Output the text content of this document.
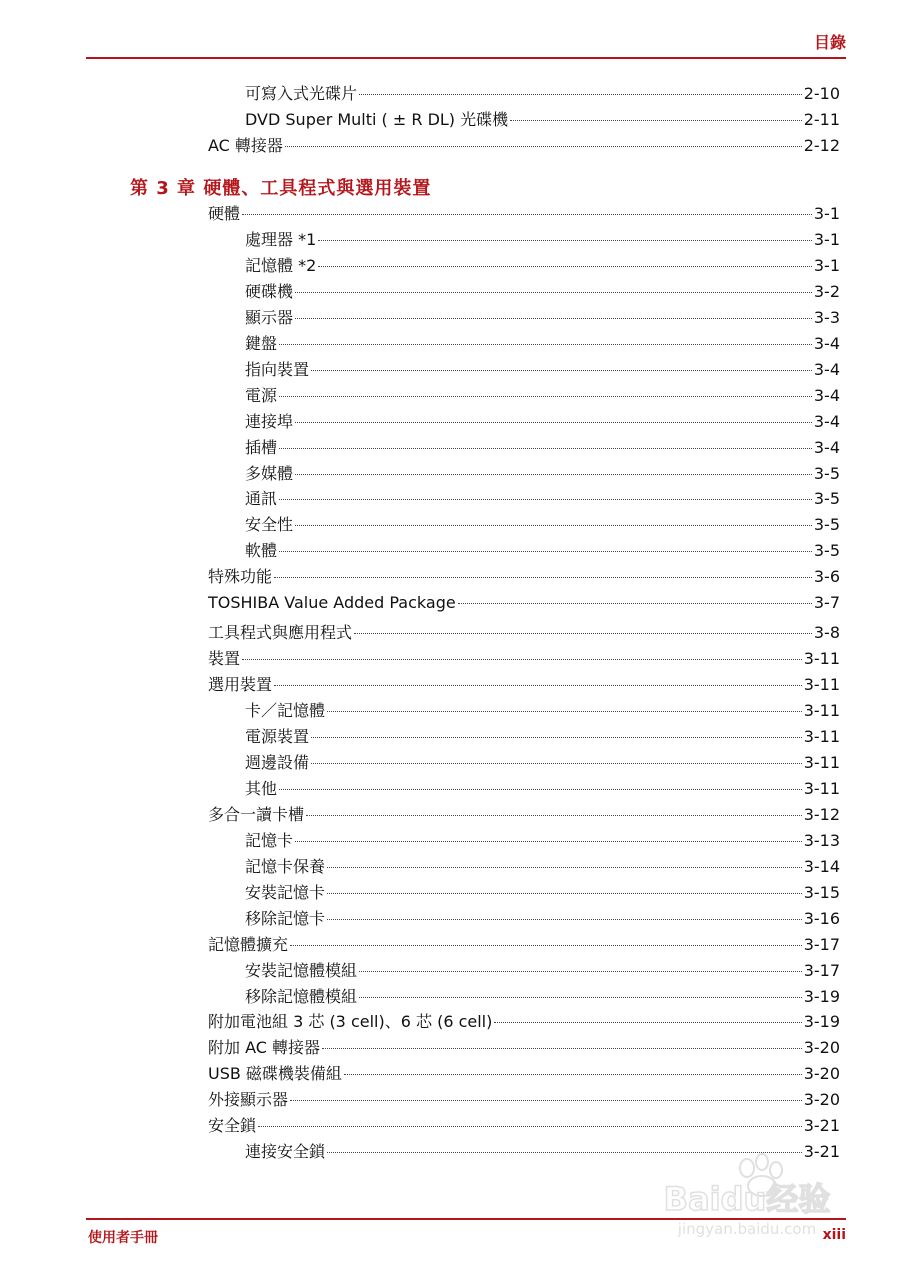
目錄
第 3 章 硬體、工具程式與選用裝置
可寫入式光碟片	2-10
DVD Super Multi ( ± R DL) 光碟機	2-11
AC 轉接器	2-12
硬體	3-1
處理器 *1	3-1
記憶體 *2	3-1
硬碟機	3-2
顯示器	3-3
鍵盤	3-4
指向裝置	3-4
電源	3-4
連接埠	3-4
插槽	3-4
多媒體	3-5
通訊	3-5
安全性	3-5
軟體	3-5
特殊功能	3-6
TOSHIBA Value Added Package	3-7
工具程式與應用程式	3-8
裝置	3-11
選用裝置	3-11
卡／記憶體	3-11
電源裝置	3-11
週邊設備	3-11
其他	3-11
多合一讀卡槽	3-12
記憶卡	3-13
記憶卡保養	3-14
安裝記憶卡	3-15
移除記憶卡	3-16
記憶體擴充	3-17
安裝記憶體模組	3-17
移除記憶體模組	3-19
附加電池組 3 芯 (3 cell)、6 芯 (6 cell)	3-19
附加 AC 轉接器	3-20
USB 磁碟機裝備組	3-20
外接顯示器	3-20
安全鎖	3-21
連接安全鎖	3-21
使用者手冊	xiii
Baidu经验
jingyan.baidu.com
